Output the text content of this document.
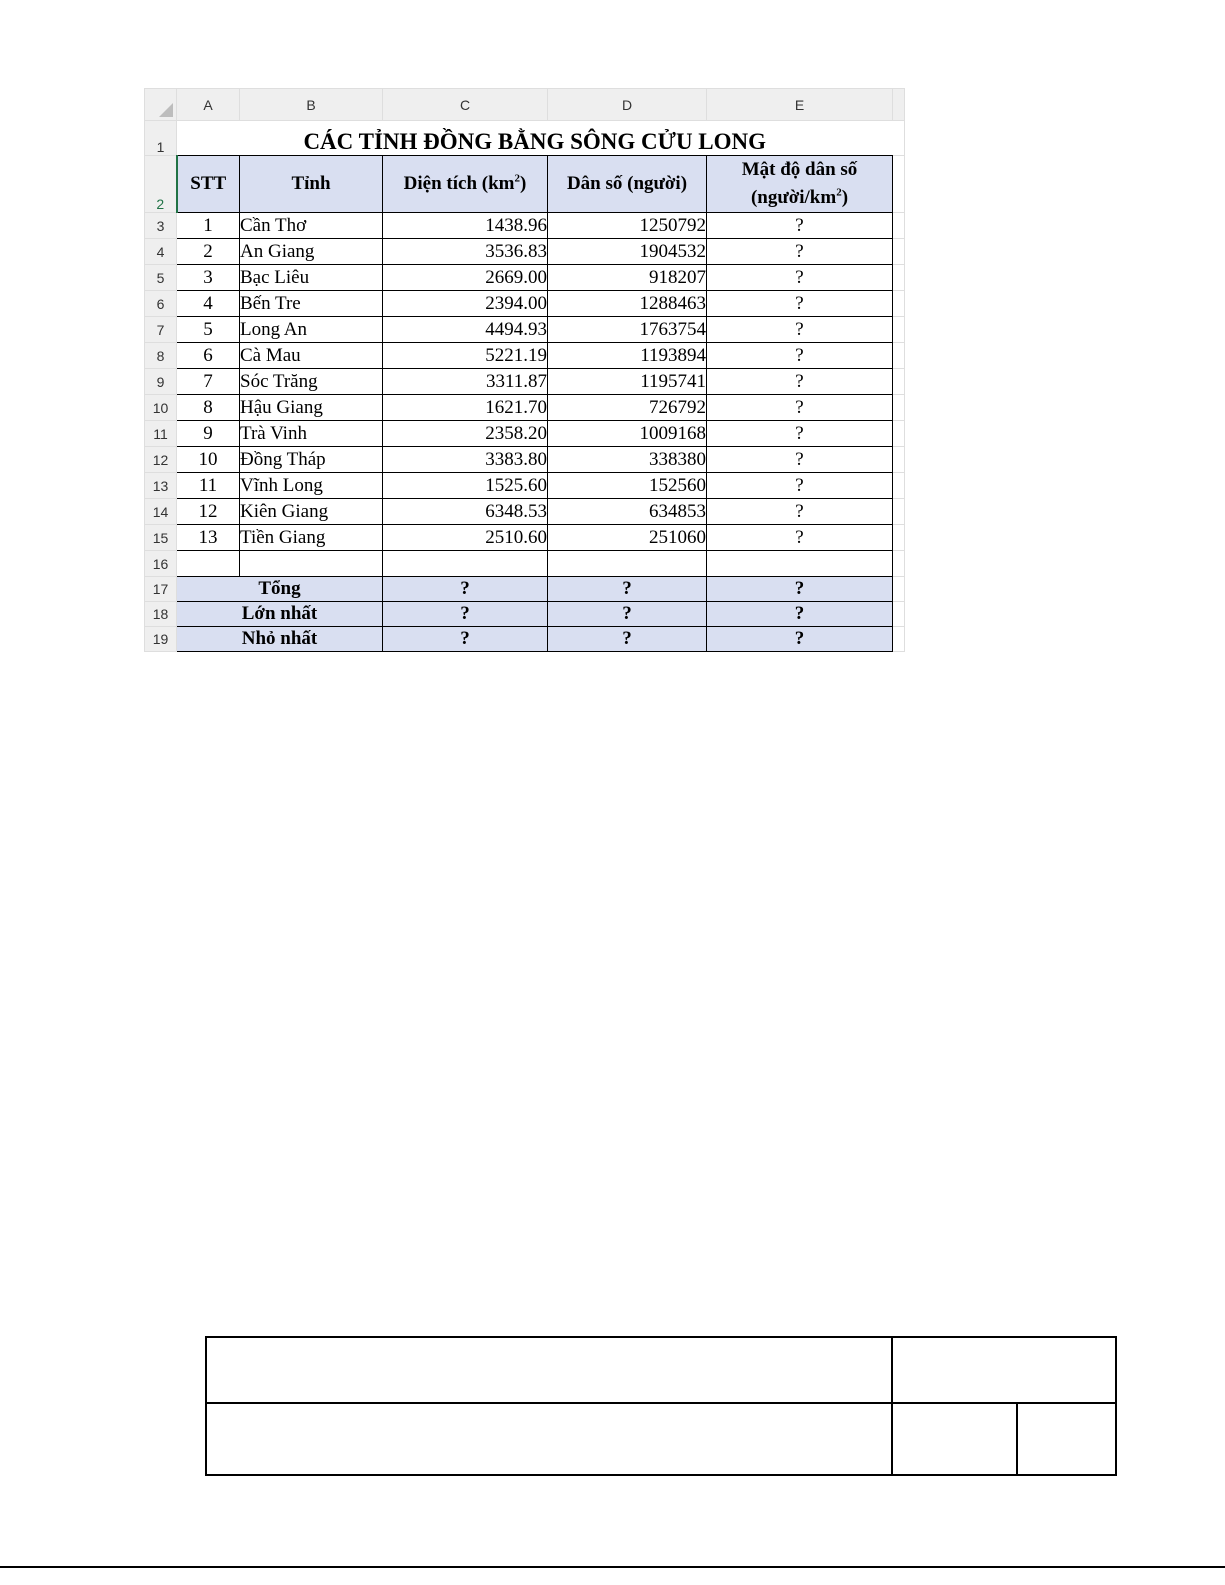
	A	B	C	D	E	
1	CÁC TỈNH ĐỒNG BẰNG SÔNG CỬU LONG					
2	STT	Tỉnh	Diện tích $(km^2)$	Dân số (người)	Mật độ dân số
$(người/km^2)$	
3	1	Cần Thơ	1438.96	1250792	?	
4	2	An Giang	3536.83	1904532	?	
5	3	Bạc Liêu	2669.00	918207	?	
6	4	Bến Tre	2394.00	1288463	?	
7	5	Long An	4494.93	1763754	?	
8	6	Cà Mau	5221.19	1193894	?	
9	7	Sóc Trăng	3311.87	1195741	?	
10	8	Hậu Giang	1621.70	726792	?	
11	9	Trà Vinh	2358.20	1009168	?	
12	10	Đồng Tháp	3383.80	338380	?	
13	11	Vĩnh Long	1525.60	152560	?	
14	12	Kiên Giang	6348.53	634853	?	
15	13	Tiền Giang	2510.60	251060	?	
16						
17	Tổng		?	?	?	
18	Lớn nhất		?	?	?	
19	Nhỏ nhất		?	?	?	
